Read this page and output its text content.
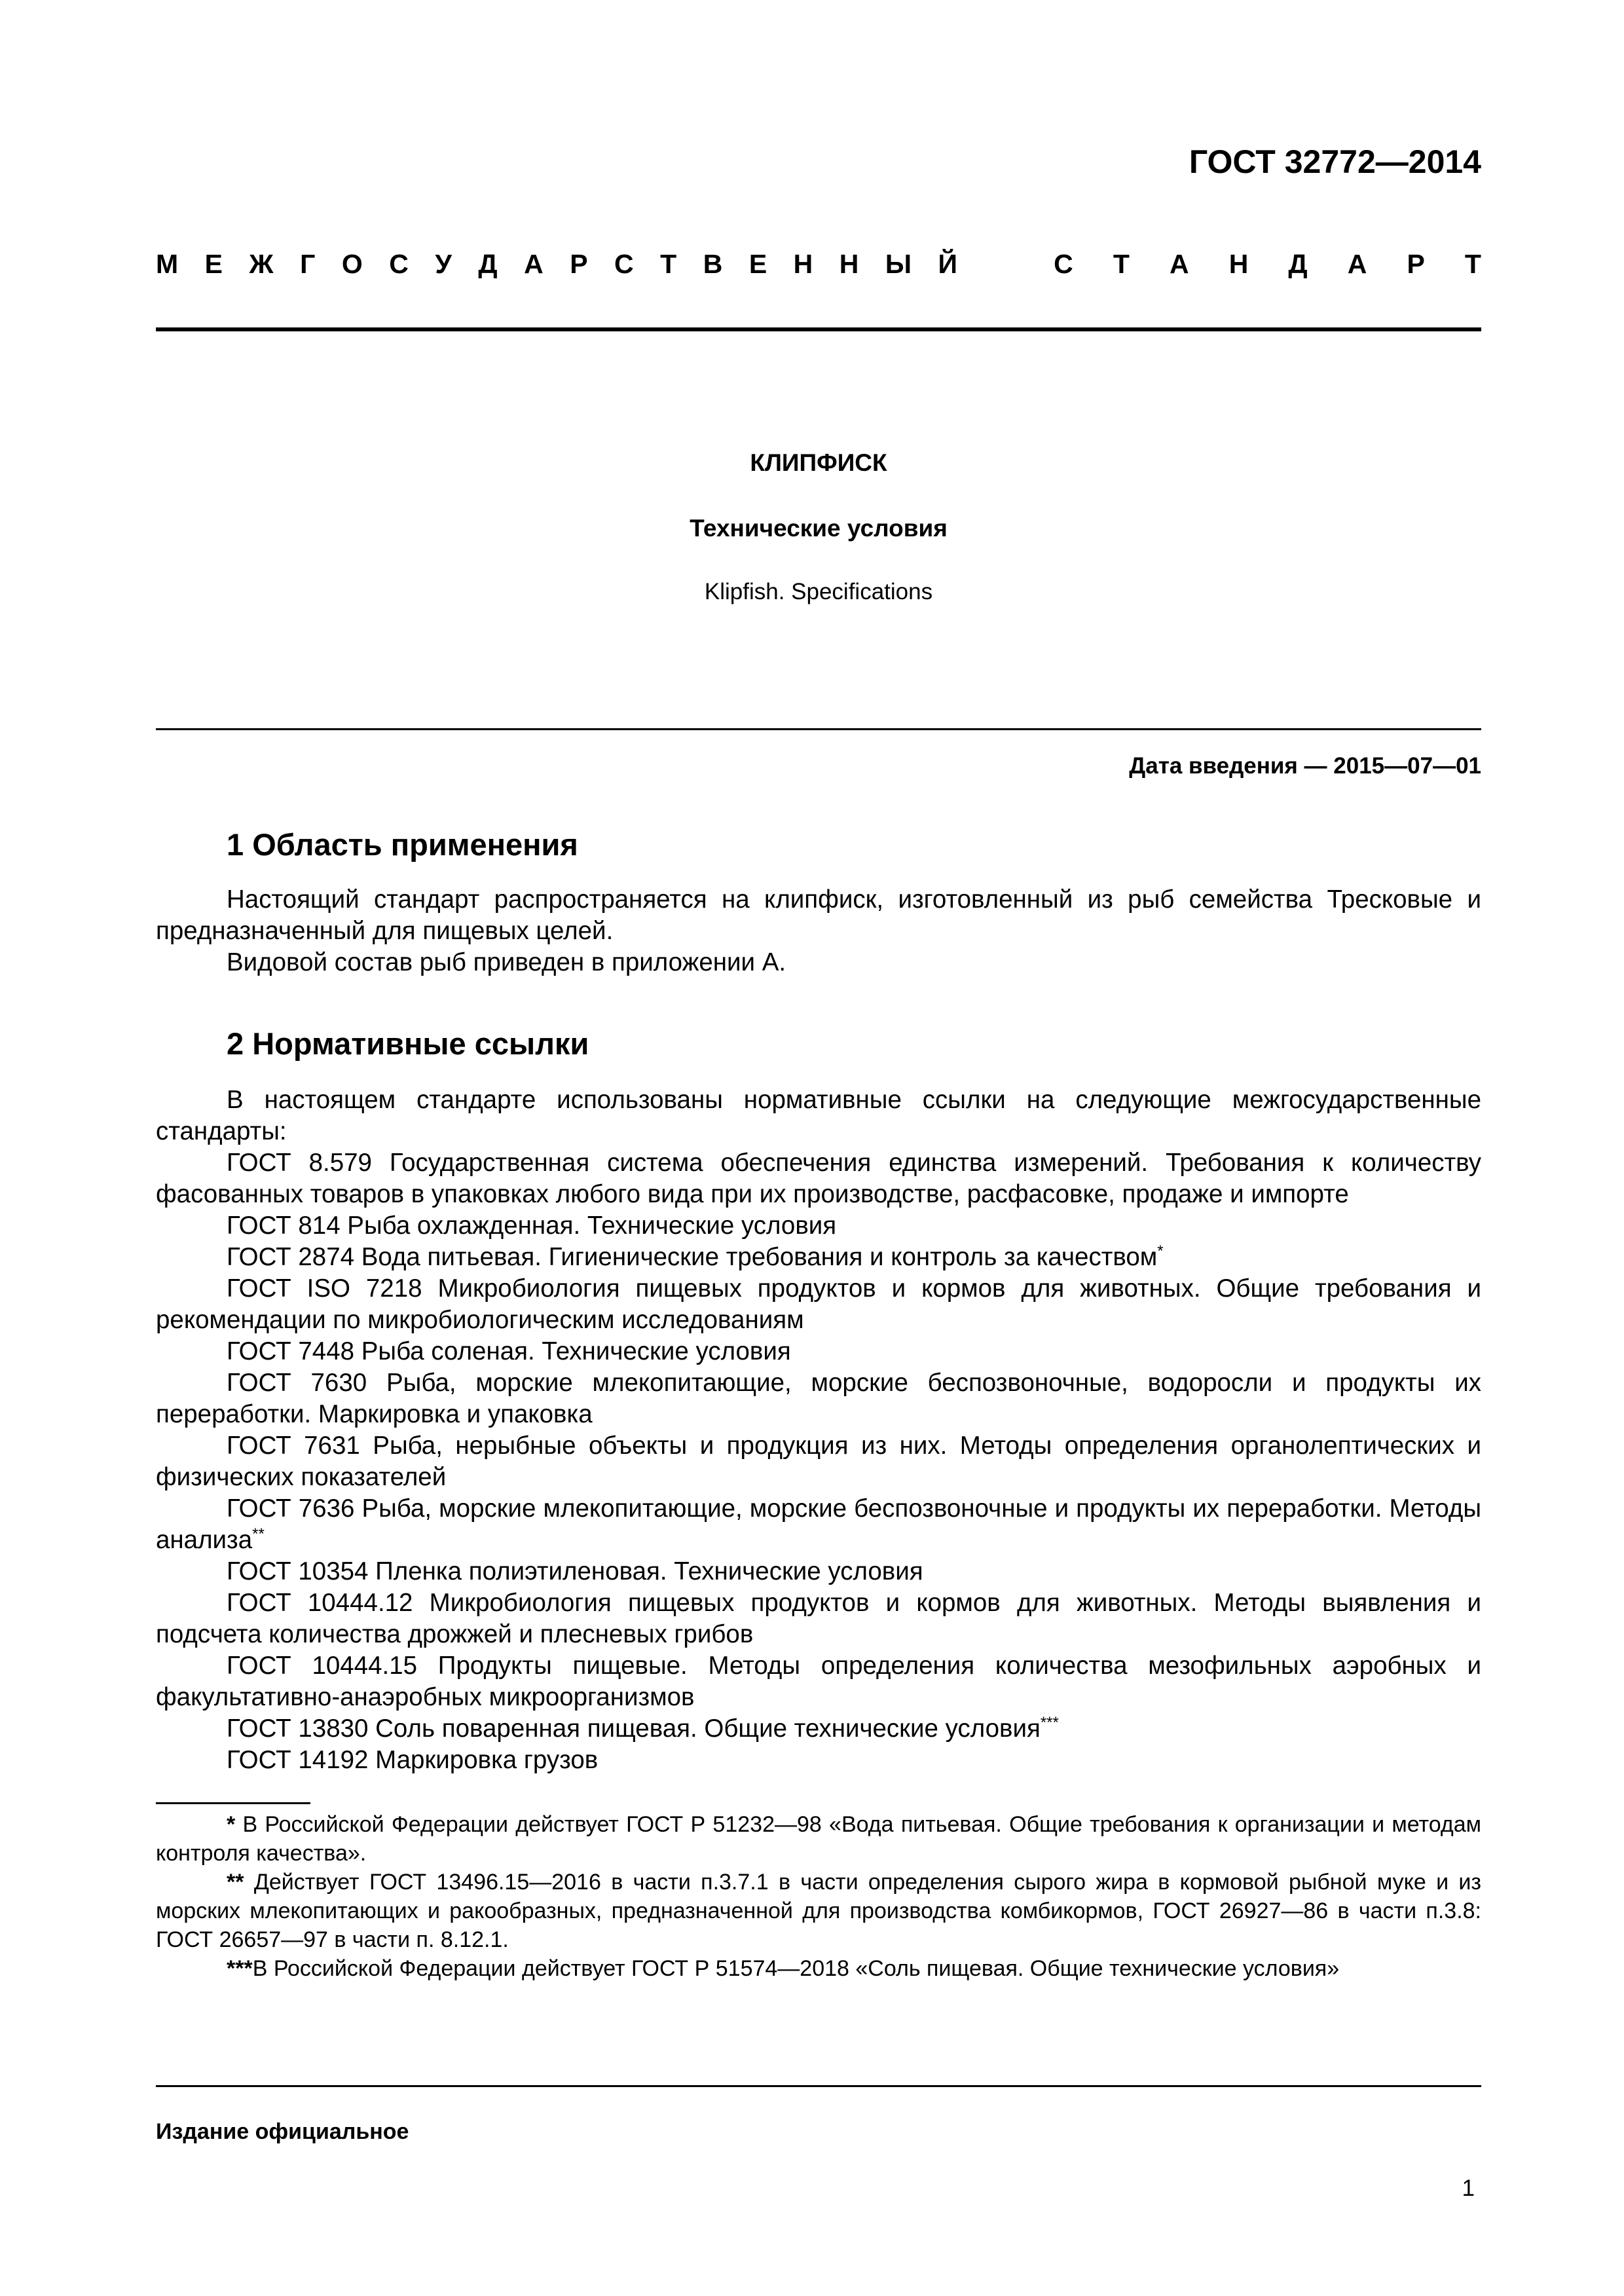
ГОСТ 32772—2014
М Е Ж Г О С У Д А Р С Т В Е Н Н Ы Й	С Т А Н Д А Р Т
КЛИПФИСК
Технические условия
Klipfish. Specifications
Дата введения — 2015—07—01
1 Область применения

Настоящий стандарт распространяется на клипфиск, изготовленный из рыб семейства Тресковые и предназначенный для пищевых целей.

Видовой состав рыб приведен в приложении А.

2 Нормативные ссылки

В настоящем стандарте использованы нормативные ссылки на следующие межгосударственные стандарты:

ГОСТ 8.579 Государственная система обеспечения единства измерений. Требования к количеству фасованных товаров в упаковках любого вида при их производстве, расфасовке, продаже и импорте

ГОСТ 814 Рыба охлажденная. Технические условия

ГОСТ 2874 Вода питьевая. Гигиенические требования и контроль за качеством*

ГОСТ ISO 7218 Микробиология пищевых продуктов и кормов для животных. Общие требования и рекомендации по микробиологическим исследованиям

ГОСТ 7448 Рыба соленая. Технические условия

ГОСТ 7630 Рыба, морские млекопитающие, морские беспозвоночные, водоросли и продукты их переработки. Маркировка и упаковка

ГОСТ 7631 Рыба, нерыбные объекты и продукция из них. Методы определения органолептических и физических показателей

ГОСТ 7636 Рыба, морские млекопитающие, морские беспозвоночные и продукты их переработки. Методы анализа**

ГОСТ 10354 Пленка полиэтиленовая. Технические условия

ГОСТ 10444.12 Микробиология пищевых продуктов и кормов для животных. Методы выявления и подсчета количества дрожжей и плесневых грибов

ГОСТ 10444.15 Продукты пищевые. Методы определения количества мезофильных аэробных и факультативно-анаэробных микроорганизмов

ГОСТ 13830 Соль поваренная пищевая. Общие технические условия***

ГОСТ 14192 Маркировка грузов

* В Российской Федерации действует ГОСТ Р 51232—98 «Вода питьевая. Общие требования к организации и методам контроля качества».

** Действует ГОСТ 13496.15—2016 в части п.3.7.1 в части определения сырого жира в кормовой рыбной муке и из морских млекопитающих и ракообразных, предназначенной для производства комбикормов, ГОСТ 26927—86 в части п.3.8: ГОСТ 26657—97 в части п. 8.12.1.

***В Российской Федерации действует ГОСТ Р 51574—2018 «Соль пищевая. Общие технические условия»

Издание официальное
1
